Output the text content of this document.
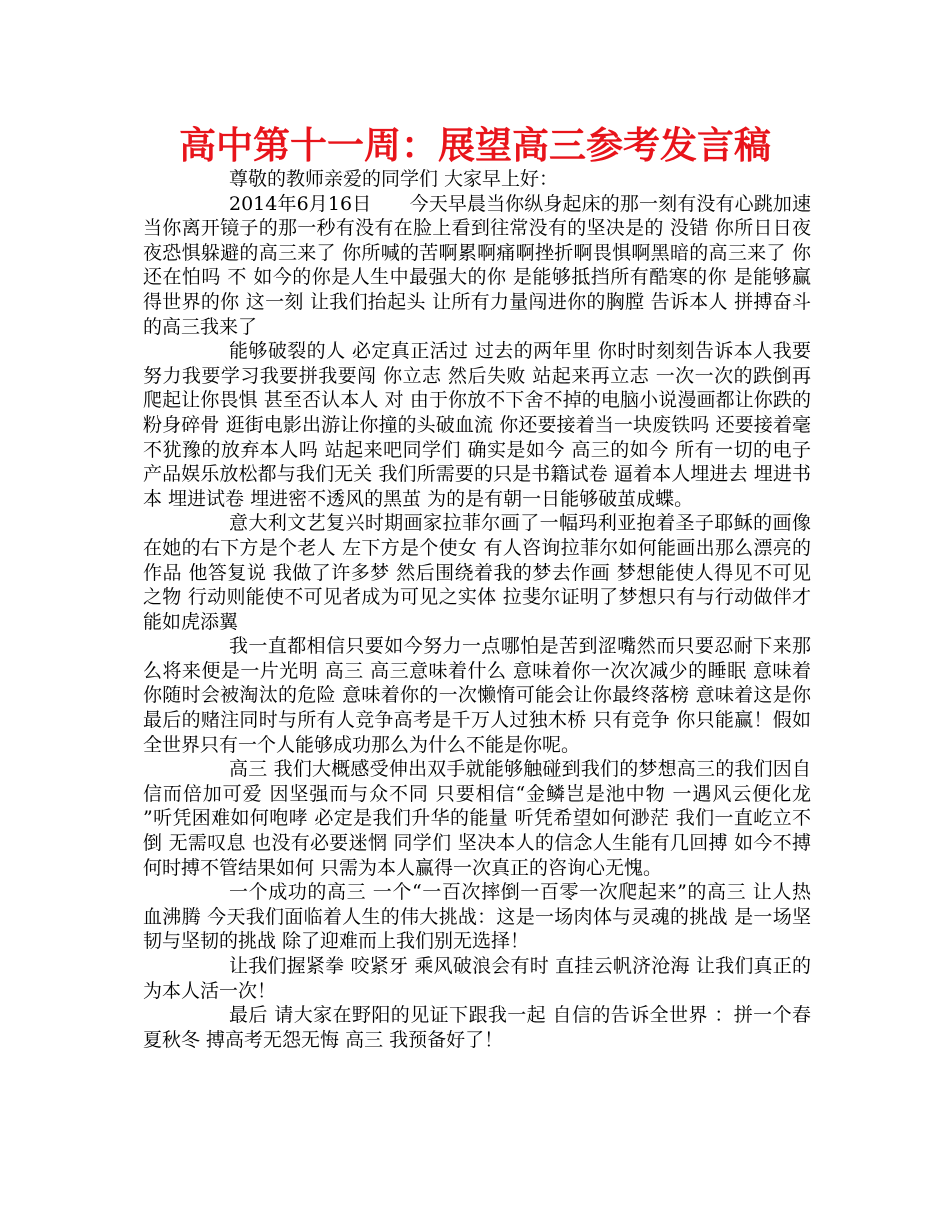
高中第十一周：展望高三参考发言稿

尊敬的教师亲爱的同学们 大家早上好：

2014年6月16日　　今天早晨当你纵身起床的那一刻有没有心跳加速　　当你离开镜子的那一秒有没有在脸上看到往常没有的坚决是的 没错 你所日日夜夜恐惧躲避的高三来了 你所喊的苦啊累啊痛啊挫折啊畏惧啊黑暗的高三来了 你还在怕吗 不 如今的你是人生中最强大的你 是能够抵挡所有酷寒的你 是能够赢得世界的你 这一刻 让我们抬起头 让所有力量闯进你的胸膛 告诉本人 拼搏奋斗的高三我来了

能够破裂的人 必定真正活过 过去的两年里 你时时刻刻告诉本人我要努力我要学习我要拼我要闯 你立志 然后失败 站起来再立志 一次一次的跌倒再爬起让你畏惧 甚至否认本人 对 由于你放不下舍不掉的电脑小说漫画都让你跌的粉身碎骨 逛街电影出游让你撞的头破血流 你还要接着当一块废铁吗 还要接着毫不犹豫的放弃本人吗 站起来吧同学们 确实是如今 高三的如今 所有一切的电子产品娱乐放松都与我们无关 我们所需要的只是书籍试卷 逼着本人埋进去 埋进书本 埋进试卷 埋进密不透风的黑茧 为的是有朝一日能够破茧成蝶。

意大利文艺复兴时期画家拉菲尔画了一幅玛利亚抱着圣子耶稣的画像 在她的右下方是个老人 左下方是个使女 有人咨询拉菲尔如何能画出那么漂亮的作品 他答复说 我做了许多梦 然后围绕着我的梦去作画 梦想能使人得见不可见之物 行动则能使不可见者成为可见之实体 拉斐尔证明了梦想只有与行动做伴才能如虎添翼

我一直都相信只要如今努力一点哪怕是苦到涩嘴然而只要忍耐下来那么将来便是一片光明 高三 高三意味着什么 意味着你一次次减少的睡眠 意味着你随时会被淘汰的危险 意味着你的一次懒惰可能会让你最终落榜 意味着这是你最后的赌注同时与所有人竞争高考是千万人过独木桥 只有竞争 你只能赢！假如全世界只有一个人能够成功那么为什么不能是你呢。

高三 我们大概感受伸出双手就能够触碰到我们的梦想高三的我们因自信而倍加可爱 因坚强而与众不同 只要相信“金鳞岂是池中物 一遇风云便化龙 ”听凭困难如何咆哮 必定是我们升华的能量 听凭希望如何渺茫 我们一直屹立不倒 无需叹息 也没有必要迷惘 同学们 坚决本人的信念人生能有几回搏 如今不搏何时搏不管结果如何 只需为本人赢得一次真正的咨询心无愧。

一个成功的高三 一个“一百次摔倒一百零一次爬起来”的高三 让人热血沸腾 今天我们面临着人生的伟大挑战：这是一场肉体与灵魂的挑战 是一场坚韧与坚韧的挑战 除了迎难而上我们别无选择！

让我们握紧拳 咬紧牙 乘风破浪会有时 直挂云帆济沧海 让我们真正的为本人活一次！

最后 请大家在野阳的见证下跟我一起 自信的告诉全世界 ：拼一个春夏秋冬 搏高考无怨无悔 高三 我预备好了！
